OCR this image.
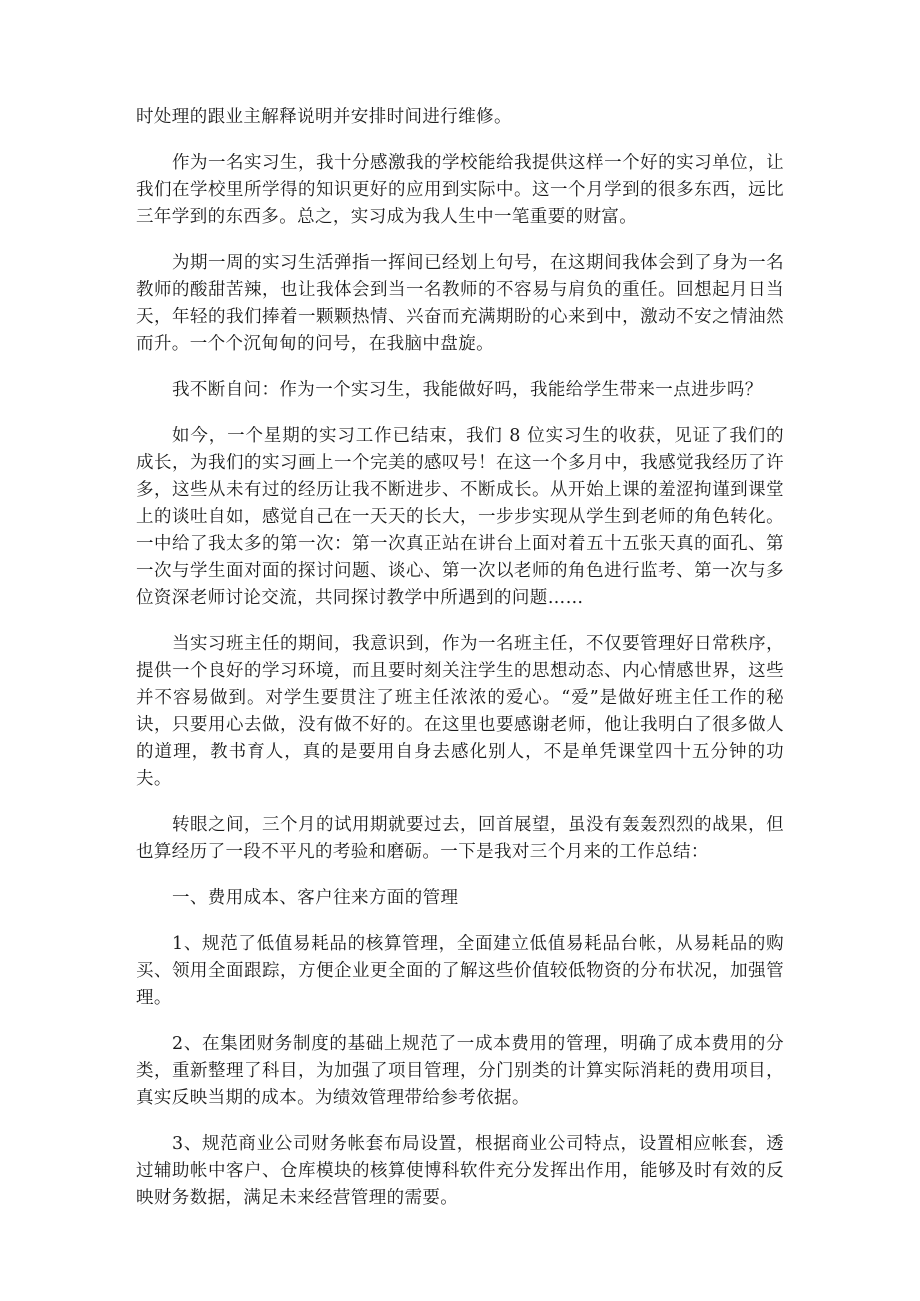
时处理的跟业主解释说明并安排时间进行维修。

作为一名实习生，我十分感激我的学校能给我提供这样一个好的实习单位，让我们在学校里所学得的知识更好的应用到实际中。这一个月学到的很多东西，远比三年学到的东西多。总之，实习成为我人生中一笔重要的财富。

为期一周的实习生活弹指一挥间已经划上句号，在这期间我体会到了身为一名教师的酸甜苦辣，也让我体会到当一名教师的不容易与肩负的重任。回想起月日当天，年轻的我们捧着一颗颗热情、兴奋而充满期盼的心来到中，激动不安之情油然而升。一个个沉甸甸的问号，在我脑中盘旋。

我不断自问：作为一个实习生，我能做好吗，我能给学生带来一点进步吗？

如今，一个星期的实习工作已结束，我们 8 位实习生的收获，见证了我们的成长，为我们的实习画上一个完美的感叹号！在这一个多月中，我感觉我经历了许多，这些从未有过的经历让我不断进步、不断成长。从开始上课的羞涩拘谨到课堂上的谈吐自如，感觉自己在一天天的长大，一步步实现从学生到老师的角色转化。一中给了我太多的第一次：第一次真正站在讲台上面对着五十五张天真的面孔、第一次与学生面对面的探讨问题、谈心、第一次以老师的角色进行监考、第一次与多位资深老师讨论交流，共同探讨教学中所遇到的问题……

当实习班主任的期间，我意识到，作为一名班主任，不仅要管理好日常秩序，提供一个良好的学习环境，而且要时刻关注学生的思想动态、内心情感世界，这些并不容易做到。对学生要贯注了班主任浓浓的爱心。“爱”是做好班主任工作的秘诀，只要用心去做，没有做不好的。在这里也要感谢老师，他让我明白了很多做人的道理，教书育人，真的是要用自身去感化别人，不是单凭课堂四十五分钟的功夫。

转眼之间，三个月的试用期就要过去，回首展望，虽没有轰轰烈烈的战果，但也算经历了一段不平凡的考验和磨砺。一下是我对三个月来的工作总结：

一、费用成本、客户往来方面的管理

1、规范了低值易耗品的核算管理，全面建立低值易耗品台帐，从易耗品的购买、领用全面跟踪，方便企业更全面的了解这些价值较低物资的分布状况，加强管理。

2、在集团财务制度的基础上规范了一成本费用的管理，明确了成本费用的分类，重新整理了科目，为加强了项目管理，分门别类的计算实际消耗的费用项目，真实反映当期的成本。为绩效管理带给参考依据。

3、规范商业公司财务帐套布局设置，根据商业公司特点，设置相应帐套，透过辅助帐中客户、仓库模块的核算使博科软件充分发挥出作用，能够及时有效的反映财务数据，满足未来经营管理的需要。
